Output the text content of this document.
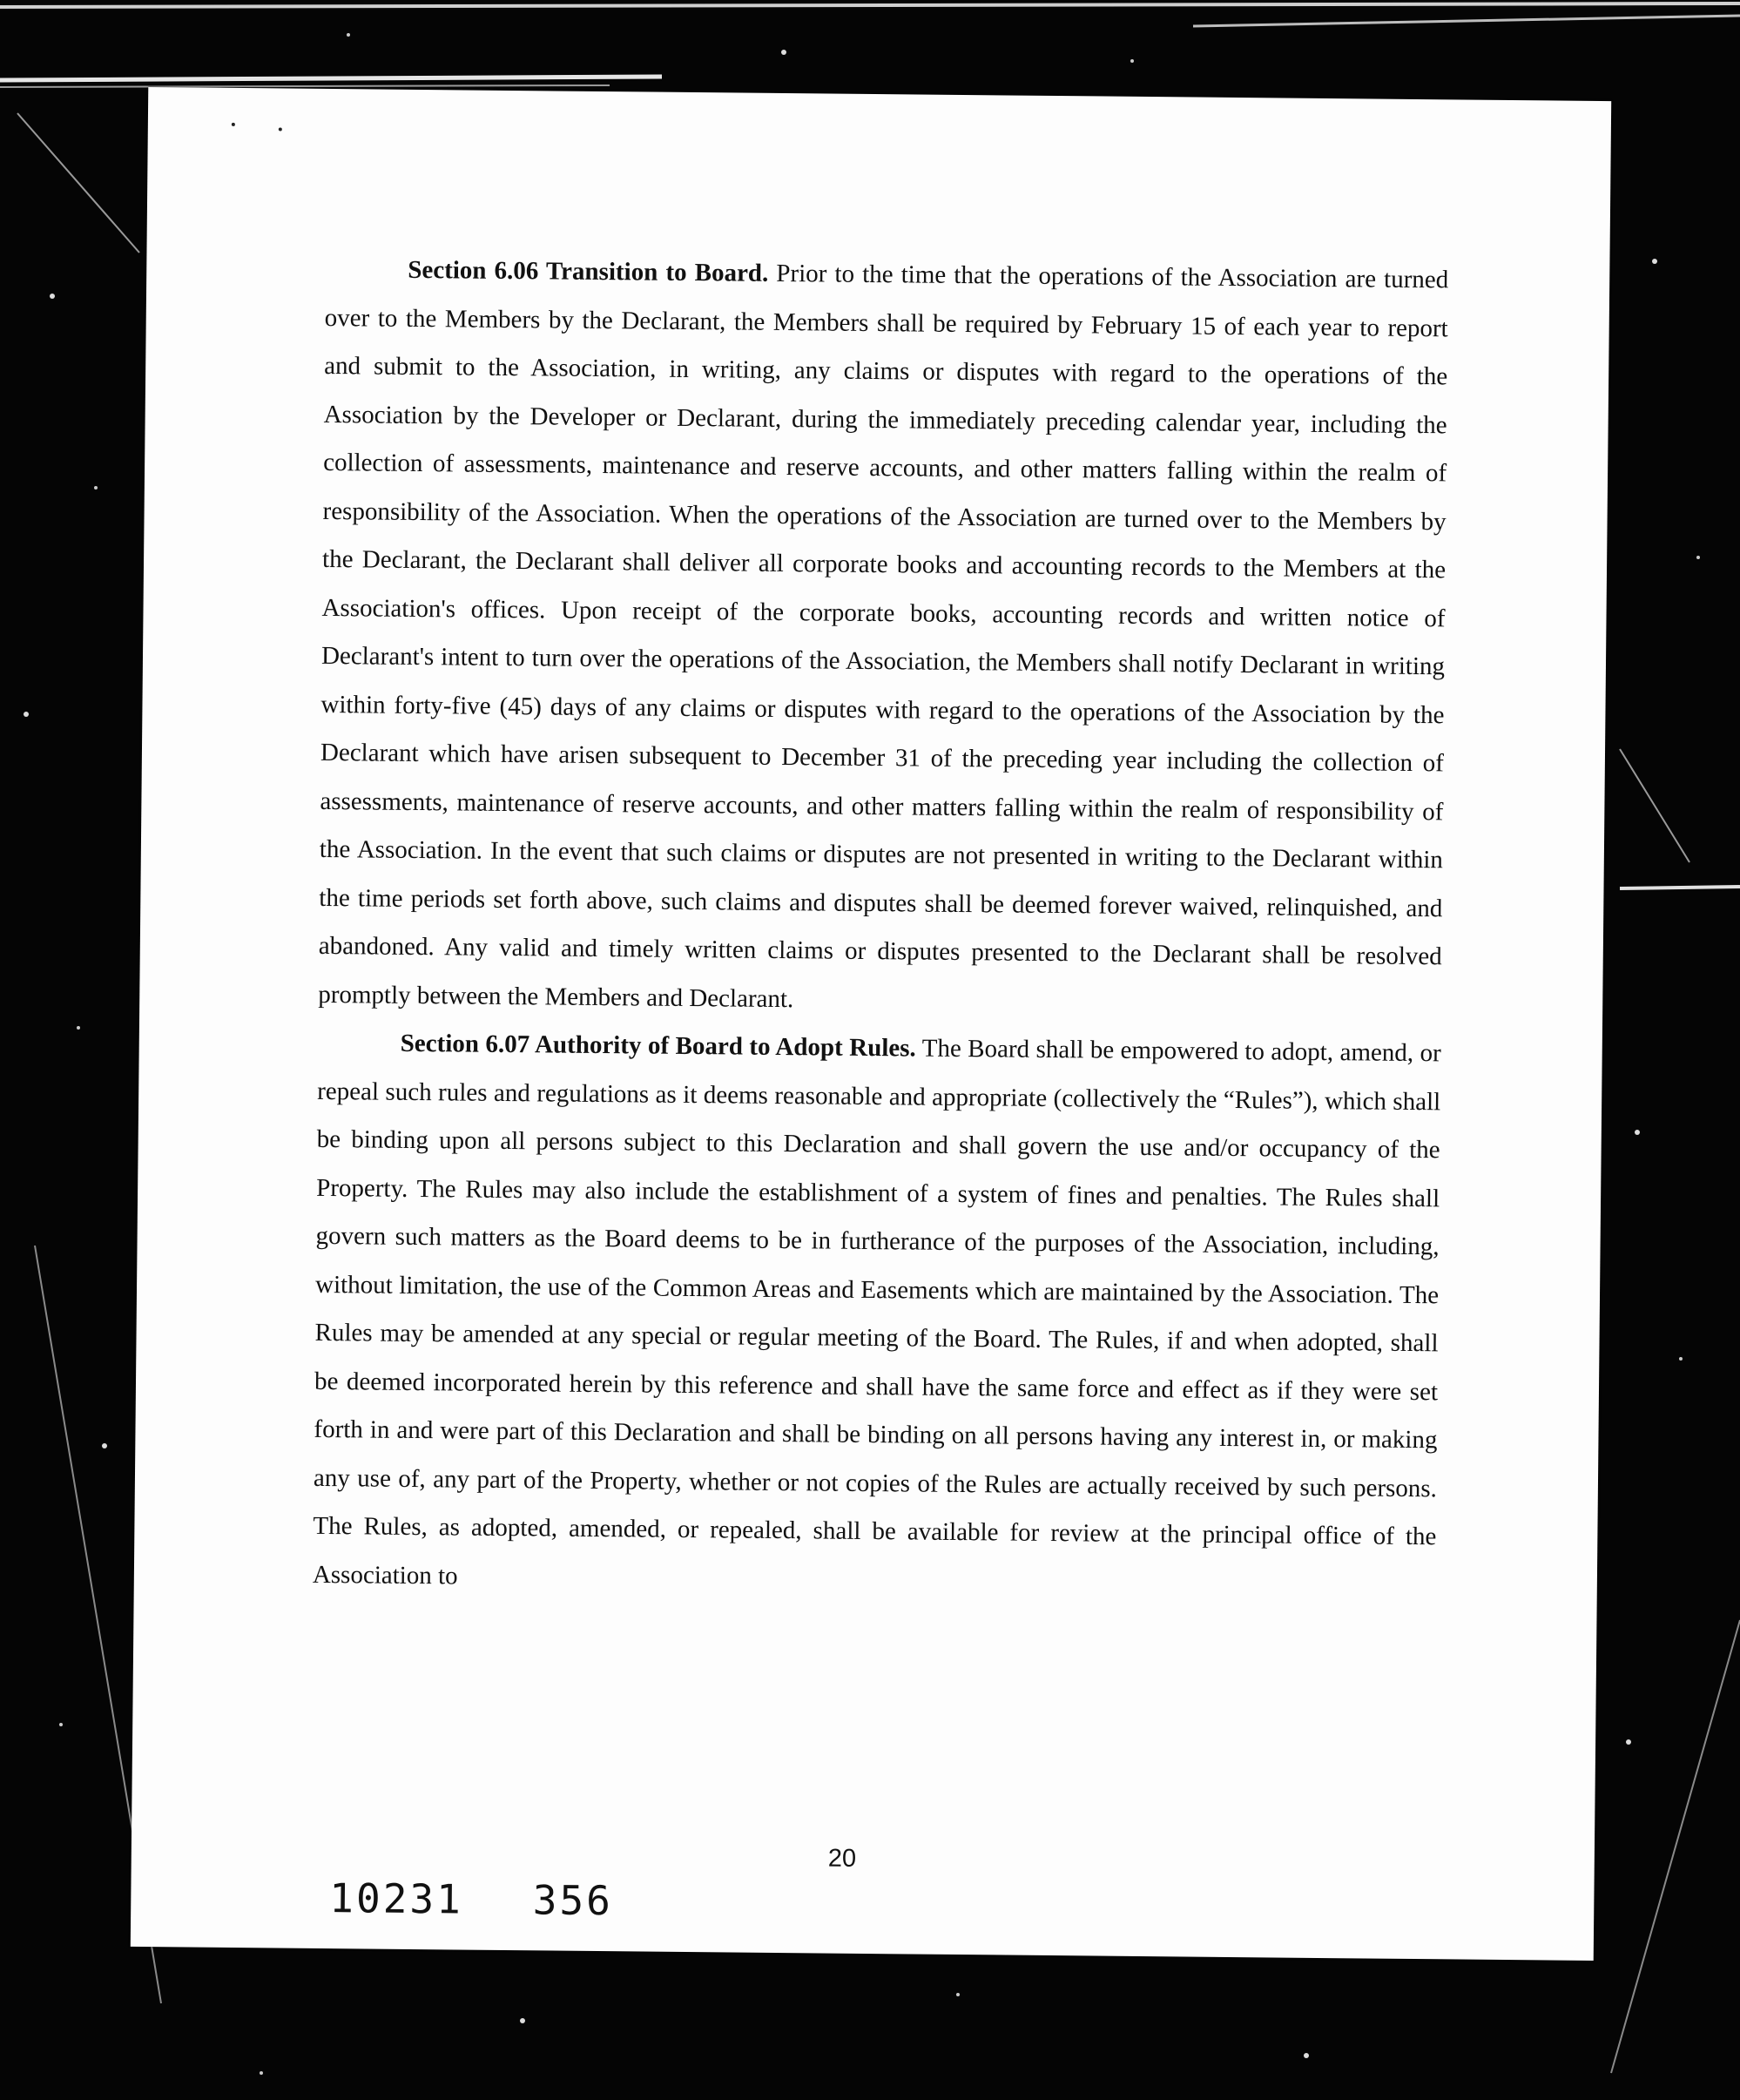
Section 6.06 Transition to Board. Prior to the time that the operations of the Association are turned over to the Members by the Declarant, the Members shall be required by February 15 of each year to report and submit to the Association, in writing, any claims or disputes with regard to the operations of the Association by the Developer or Declarant, during the immediately preceding calendar year, including the collection of assessments, maintenance and reserve accounts, and other matters falling within the realm of responsibility of the Association. When the operations of the Association are turned over to the Members by the Declarant, the Declarant shall deliver all corporate books and accounting records to the Members at the Association's offices. Upon receipt of the corporate books, accounting records and written notice of Declarant's intent to turn over the operations of the Association, the Members shall notify Declarant in writing within forty-five (45) days of any claims or disputes with regard to the operations of the Association by the Declarant which have arisen subsequent to December 31 of the preceding year including the collection of assessments, maintenance of reserve accounts, and other matters falling within the realm of responsibility of the Association. In the event that such claims or disputes are not presented in writing to the Declarant within the time periods set forth above, such claims and disputes shall be deemed forever waived, relinquished, and abandoned. Any valid and timely written claims or disputes presented to the Declarant shall be resolved promptly between the Members and Declarant.

Section 6.07 Authority of Board to Adopt Rules. The Board shall be empowered to adopt, amend, or repeal such rules and regulations as it deems reasonable and appropriate (collectively the “Rules”), which shall be binding upon all persons subject to this Declaration and shall govern the use and/or occupancy of the Property. The Rules may also include the establishment of a system of fines and penalties. The Rules shall govern such matters as the Board deems to be in furtherance of the purposes of the Association, including, without limitation, the use of the Common Areas and Easements which are maintained by the Association. The Rules may be amended at any special or regular meeting of the Board. The Rules, if and when adopted, shall be deemed incorporated herein by this reference and shall have the same force and effect as if they were set forth in and were part of this Declaration and shall be binding on all persons having any interest in, or making any use of, any part of the Property, whether or not copies of the Rules are actually received by such persons. The Rules, as adopted, amended, or repealed, shall be available for review at the principal office of the Association to

20
10231 356
